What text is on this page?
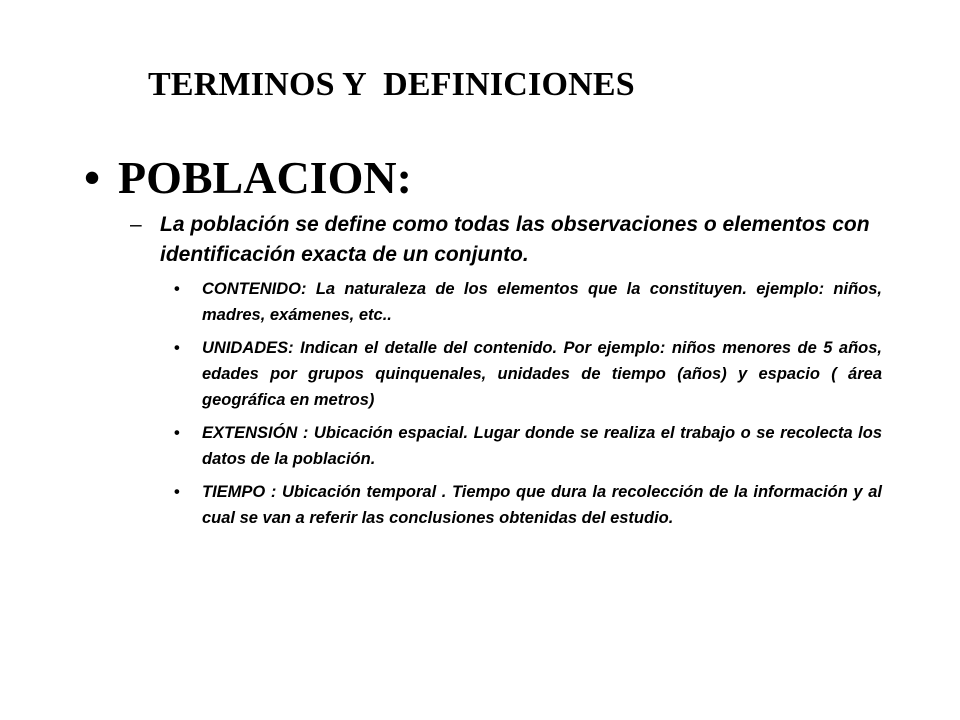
TERMINOS Y  DEFINICIONES
• POBLACION:
– La población se define como todas las observaciones o elementos con identificación exacta de un conjunto.
• CONTENIDO: La naturaleza de los elementos que la constituyen. ejemplo: niños, madres, exámenes, etc..
• UNIDADES: Indican el detalle del contenido. Por ejemplo: niños menores de 5 años, edades por grupos quinquenales, unidades de tiempo (años) y espacio ( área geográfica en metros)
• EXTENSIÓN : Ubicación espacial. Lugar donde se realiza el trabajo o se recolecta los datos de la población.
• TIEMPO : Ubicación temporal . Tiempo que dura la recolección de la información y al cual se van a referir las conclusiones obtenidas del estudio.
